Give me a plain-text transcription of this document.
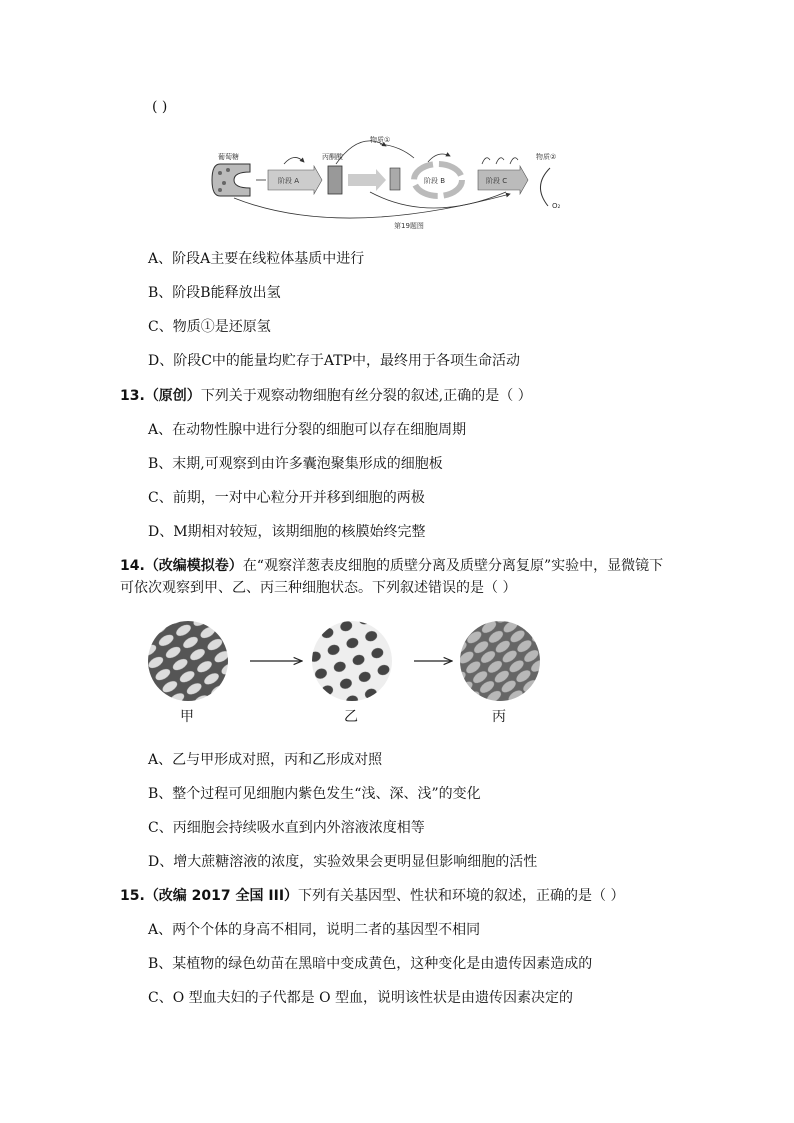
( )
葡萄糖
阶段 A
丙酮酸
物质①
阶段 B	阶段 C
物质②
O₂
第19题图
A、阶段A主要在线粒体基质中进行
B、阶段B能释放出氢
C、物质①是还原氢
D、阶段C中的能量均贮存于ATP中，最终用于各项生命活动
13.（原创）下列关于观察动物细胞有丝分裂的叙述,正确的是（ ）
A、在动物性腺中进行分裂的细胞可以存在细胞周期
B、末期,可观察到由许多囊泡聚集形成的细胞板
C、前期，一对中心粒分开并移到细胞的两极
D、M期相对较短，该期细胞的核膜始终完整
14.（改编模拟卷）在“观察洋葱表皮细胞的质壁分离及质壁分离复原”实验中，显微镜下
可依次观察到甲、乙、丙三种细胞状态。下列叙述错误的是（ ）
甲	乙	丙
A、乙与甲形成对照，丙和乙形成对照
B、整个过程可见细胞内紫色发生“浅、深、浅”的变化
C、丙细胞会持续吸水直到内外溶液浓度相等
D、增大蔗糖溶液的浓度，实验效果会更明显但影响细胞的活性
15.（改编 2017 全国 III）下列有关基因型、性状和环境的叙述，正确的是（ ）
A、两个个体的身高不相同，说明二者的基因型不相同
B、某植物的绿色幼苗在黑暗中变成黄色，这种变化是由遗传因素造成的
C、O 型血夫妇的子代都是 O 型血，说明该性状是由遗传因素决定的
